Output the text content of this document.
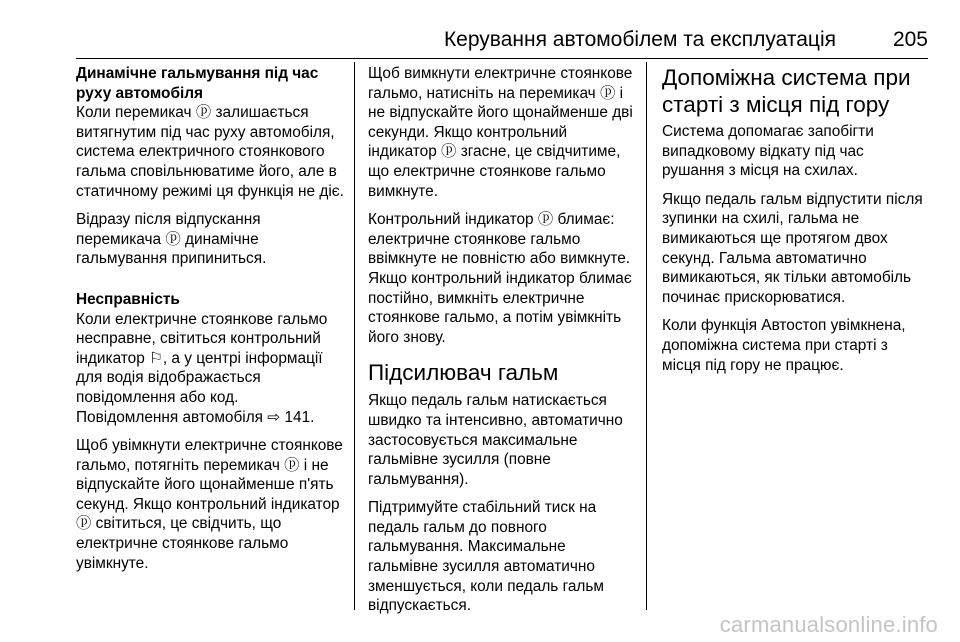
Керування автомобілем та експлуатація	205
Динамічне гальмування під час руху автомобіля
Коли перемикач ⓟ залишається витягнутим під час руху автомобіля, система електричного стоянкового гальма сповільнюватиме його, але в статичному режимі ця функція не діє.
Відразу після відпускання перемикача ⓟ динамічне гальмування припиниться.
Несправність
Коли електричне стоянкове гальмо несправне, світиться контрольний індикатор ⚐, а у центрі інформації для водія відображається повідомлення або код.
Повідомлення автомобіля ⇨ 141.
Щоб увімкнути електричне стоянкове гальмо, потягніть перемикач ⓟ і не відпускайте його щонайменше п'ять секунд. Якщо контрольний індикатор ⓟ світиться, це свідчить, що електричне стоянкове гальмо увімкнуте.
Щоб вимкнути електричне стоянкове гальмо, натисніть на перемикач ⓟ і не відпускайте його щонайменше дві секунди. Якщо контрольний індикатор ⓟ згасне, це свідчитиме, що електричне стоянкове гальмо вимкнуте.
Контрольний індикатор ⓟ блимає: електричне стоянкове гальмо ввімкнуте не повністю або вимкнуте. Якщо контрольний індикатор блимає постійно, вимкніть електричне стоянкове гальмо, а потім увімкніть його знову.
Підсилювач гальм
Якщо педаль гальм натискається швидко та інтенсивно, автоматично застосовується максимальне гальмівне зусилля (повне гальмування).
Підтримуйте стабільний тиск на педаль гальм до повного гальмування. Максимальне гальмівне зусилля автоматично зменшується, коли педаль гальм відпускається.
Допоміжна система при старті з місця під гору
Система допомагає запобігти випадковому відкату під час рушання з місця на схилах.
Якщо педаль гальм відпустити після зупинки на схилі, гальма не вимикаються ще протягом двох секунд. Гальма автоматично вимикаються, як тільки автомобіль починає прискорюватися.
Коли функція Автостоп увімкнена, допоміжна система при старті з місця під гору не працює.
carmanualsonline.info
